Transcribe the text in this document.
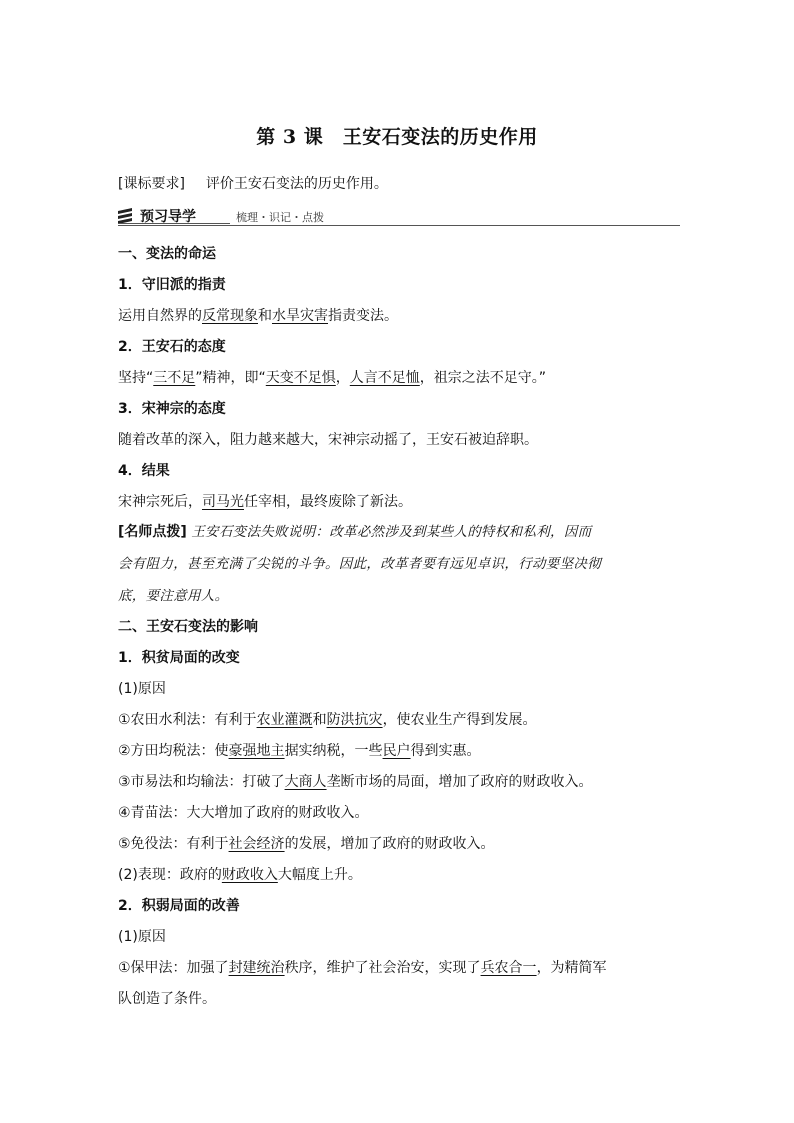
第 3 课　王安石变法的历史作用
[课标要求] 评价王安石变法的历史作用。
预习导学	梳理・识记・点拨
一、变法的命运
1．守旧派的指责
运用自然界的反常现象和水旱灾害指责变法。
2．王安石的态度
坚持“三不足”精神，即“天变不足惧，人言不足恤，祖宗之法不足守。”
3．宋神宗的态度
随着改革的深入，阻力越来越大，宋神宗动摇了，王安石被迫辞职。
4．结果
宋神宗死后，司马光任宰相，最终废除了新法。
[名师点拨] 王安石变法失败说明：改革必然涉及到某些人的特权和私利，因而
会有阻力，甚至充满了尖锐的斗争。因此，改革者要有远见卓识，行动要坚决彻
底，要注意用人。
二、王安石变法的影响
1．积贫局面的改变
(1)原因
①农田水利法：有利于农业灌溉和防洪抗灾，使农业生产得到发展。
②方田均税法：使豪强地主据实纳税，一些民户得到实惠。
③市易法和均输法：打破了大商人垄断市场的局面，增加了政府的财政收入。
④青苗法：大大增加了政府的财政收入。
⑤免役法：有利于社会经济的发展，增加了政府的财政收入。
(2)表现：政府的财政收入大幅度上升。
2．积弱局面的改善
(1)原因
①保甲法：加强了封建统治秩序，维护了社会治安，实现了兵农合一，为精简军
队创造了条件。
